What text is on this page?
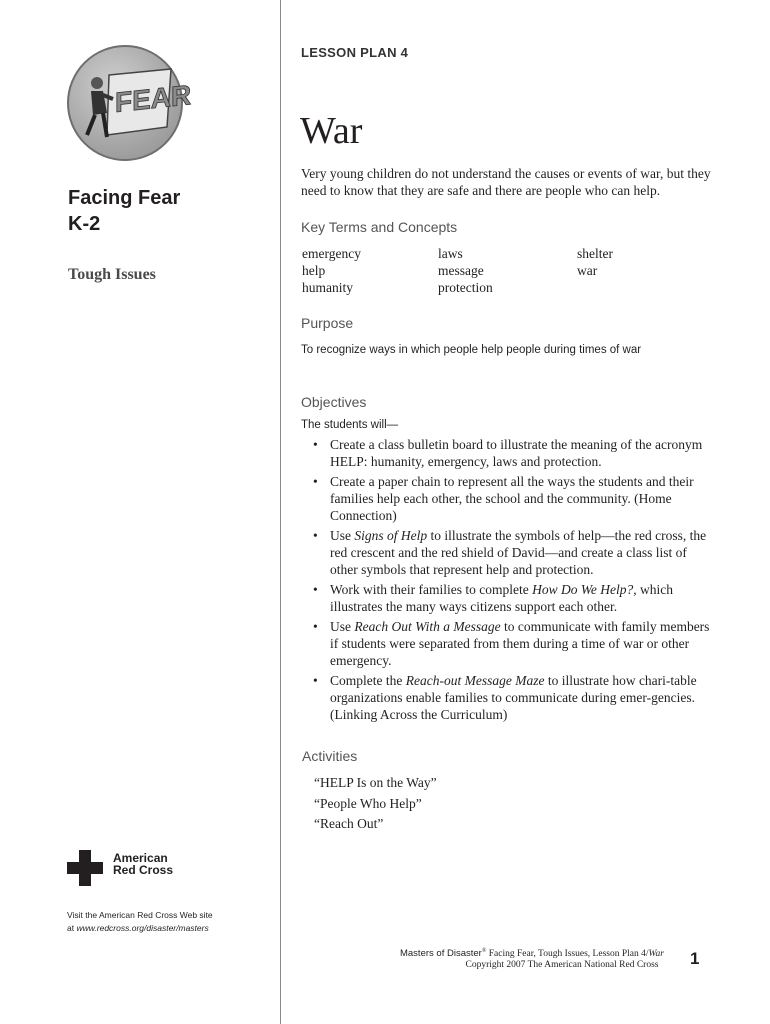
FEAR
Facing Fear
K-2
Tough Issues
American
Red Cross
Visit the American Red Cross Web site
at www.redcross.org/disaster/masters
LESSON PLAN 4
War
Very young children do not understand the causes or events of war, but they need to know that they are safe and there are people who can help.
Key Terms and Concepts
emergency
help
humanity
laws
message
protection
shelter
war
Purpose
To recognize ways in which people help people during times of war
Objectives
The students will—
• Create a class bulletin board to illustrate the meaning of the acronym HELP: humanity, emergency, laws and protection.
• Create a paper chain to represent all the ways the students and their families help each other, the school and the community. (Home Connection)
• Use Signs of Help to illustrate the symbols of help—the red cross, the red crescent and the red shield of David—and create a class list of other symbols that represent help and protection.
• Work with their families to complete How Do We Help?, which illustrates the many ways citizens support each other.
• Use Reach Out With a Message to communicate with family members if students were separated from them during a time of war or other emergency.
• Complete the Reach-out Message Maze to illustrate how chari-table organizations enable families to communicate during emer-gencies. (Linking Across the Curriculum)
Activities
“HELP Is on the Way”
“People Who Help”
“Reach Out”
Masters of Disaster® Facing Fear, Tough Issues, Lesson Plan 4/War
Copyright 2007 The American National Red Cross	1
